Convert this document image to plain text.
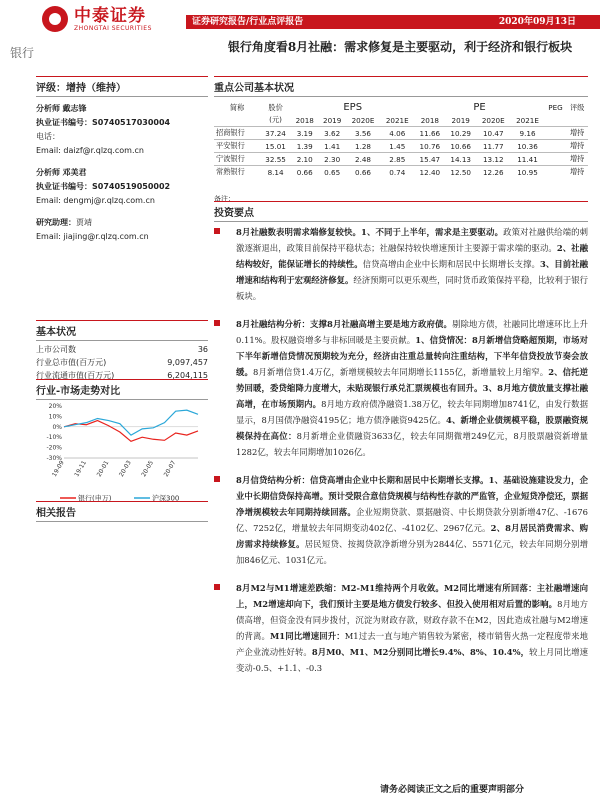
中泰证券
ZHONGTAI SECURITIES
证券研究报告/行业点评报告	2020年09月13日
银行	银行角度看8月社融：需求修复是主要驱动，利于经济和银行板块
评级：增持（维持）
分析师 戴志锋
执业证书编号：S0740517030004
电话：
Email: daizf@r.qlzq.com.cn
分析师 邓美君
执业证书编号：S0740519050002
Email: dengmj@r.qlzq.com.cn
研究助理：贾靖
Email: jiajing@r.qlzq.com.cn
基本状况
上市公司数	36
行业总市值(百万元)	9,097,457
行业流通市值(百万元)	6,204,115
行业-市场走势对比
20%
10%
0%
-10%
-20%
-30%
19-09 19-11 20-01 20-03 20-05 20-07
银行(申万)	沪深300
相关报告
重点公司基本状况
简称	股价	EPS				PE				PEG	评级
	(元)	2018	2019	2020E	2021E	2018	2019	2020E	2021E		
招商银行	37.24	3.19	3.62	3.56	4.06	11.66	10.29	10.47	9.16		增持
平安银行	15.01	1.39	1.41	1.28	1.45	10.76	10.66	11.77	10.36		增持
宁波银行	32.55	2.10	2.30	2.48	2.85	15.47	14.13	13.12	11.41		增持
常熟银行	8.14	0.66	0.65	0.66	0.74	12.40	12.50	12.26	10.95		增持
备注：
投资要点
8月社融数表明需求端修复较快。1、不同于上半年，需求是主要驱动。政策对社融供给端的刺激逐渐退出，政策目前保持平稳状态；社融保持较快增速预计主要源于需求端的驱动。2、社融结构较好，能保证增长的持续性。信贷高增由企业中长期和居民中长期增长支撑。3、目前社融增速和结构利于宏观经济修复。经济预期可以更乐观些，同时货币政策保持平稳，比较利于银行板块。
8月社融结构分析：支撑8月社融高增主要是地方政府债。剔除地方债，社融同比增速环比上升0.11%。股权融资增多与非标回暖是主要贡献。1、信贷情况：8月新增信贷略超预期，市场对下半年新增信贷情况预期较为充分，经济由注重总量转向注重结构，下半年信贷投放节奏会放缓。8月新增信贷1.4万亿，新增规模较去年同期增长1155亿，新增量较上月缩窄。2、信托逆势回暖，委贷缩降力度增大，未贴现银行承兑汇票规模也有回升。3、8月地方债放量支撑社融高增，在市场预期内。8月地方政府债净融资1.38万亿，较去年同期增加8741亿，由发行数据显示，8月国债净融资4195亿；地方债净融资9425亿。4、新增企业债规模平稳，股票融资规模保持在高位：8月新增企业债融资3633亿，较去年同期微增249亿元，8月股票融资新增量1282亿，较去年同期增加1026亿。
8月信贷结构分析：信贷高增由企业中长期和居民中长期增长支撑。1、基础设施建设发力，企业中长期信贷保持高增。预计受限合意信贷规模与结构性存款的严监管，企业短贷净偿还，票据净增规模较去年同期持续回落。企业短期贷款、票据融资、中长期贷款分别新增47亿、-1676亿、7252亿，增量较去年同期变动402亿、-4102亿、2967亿元。2、8月居民消费需求、购房需求持续修复。居民短贷、按揭贷款净新增分别为2844亿、5571亿元，较去年同期分别增加846亿元、1031亿元。
8月M2与M1增速差跌缩：M2-M1维持两个月收敛。M2同比增速有所回落：主社融增速向上，M2增速却向下，我们预计主要是地方债发行较多、但投入使用相对后置的影响。8月地方债高增，但资金没有同步拨付，沉淀为财政存款，财政存款不在M2，因此造成社融与M2增速的背离。M1同比增速回升：M1过去一直与地产销售较为紧密，楼市销售火热一定程度带来地产企业流动性好转。8月M0、M1、M2分别同比增长9.4%、8%、10.4%，较上月同比增速变动-0.5、+1.1、-0.3
请务必阅读正文之后的重要声明部分
